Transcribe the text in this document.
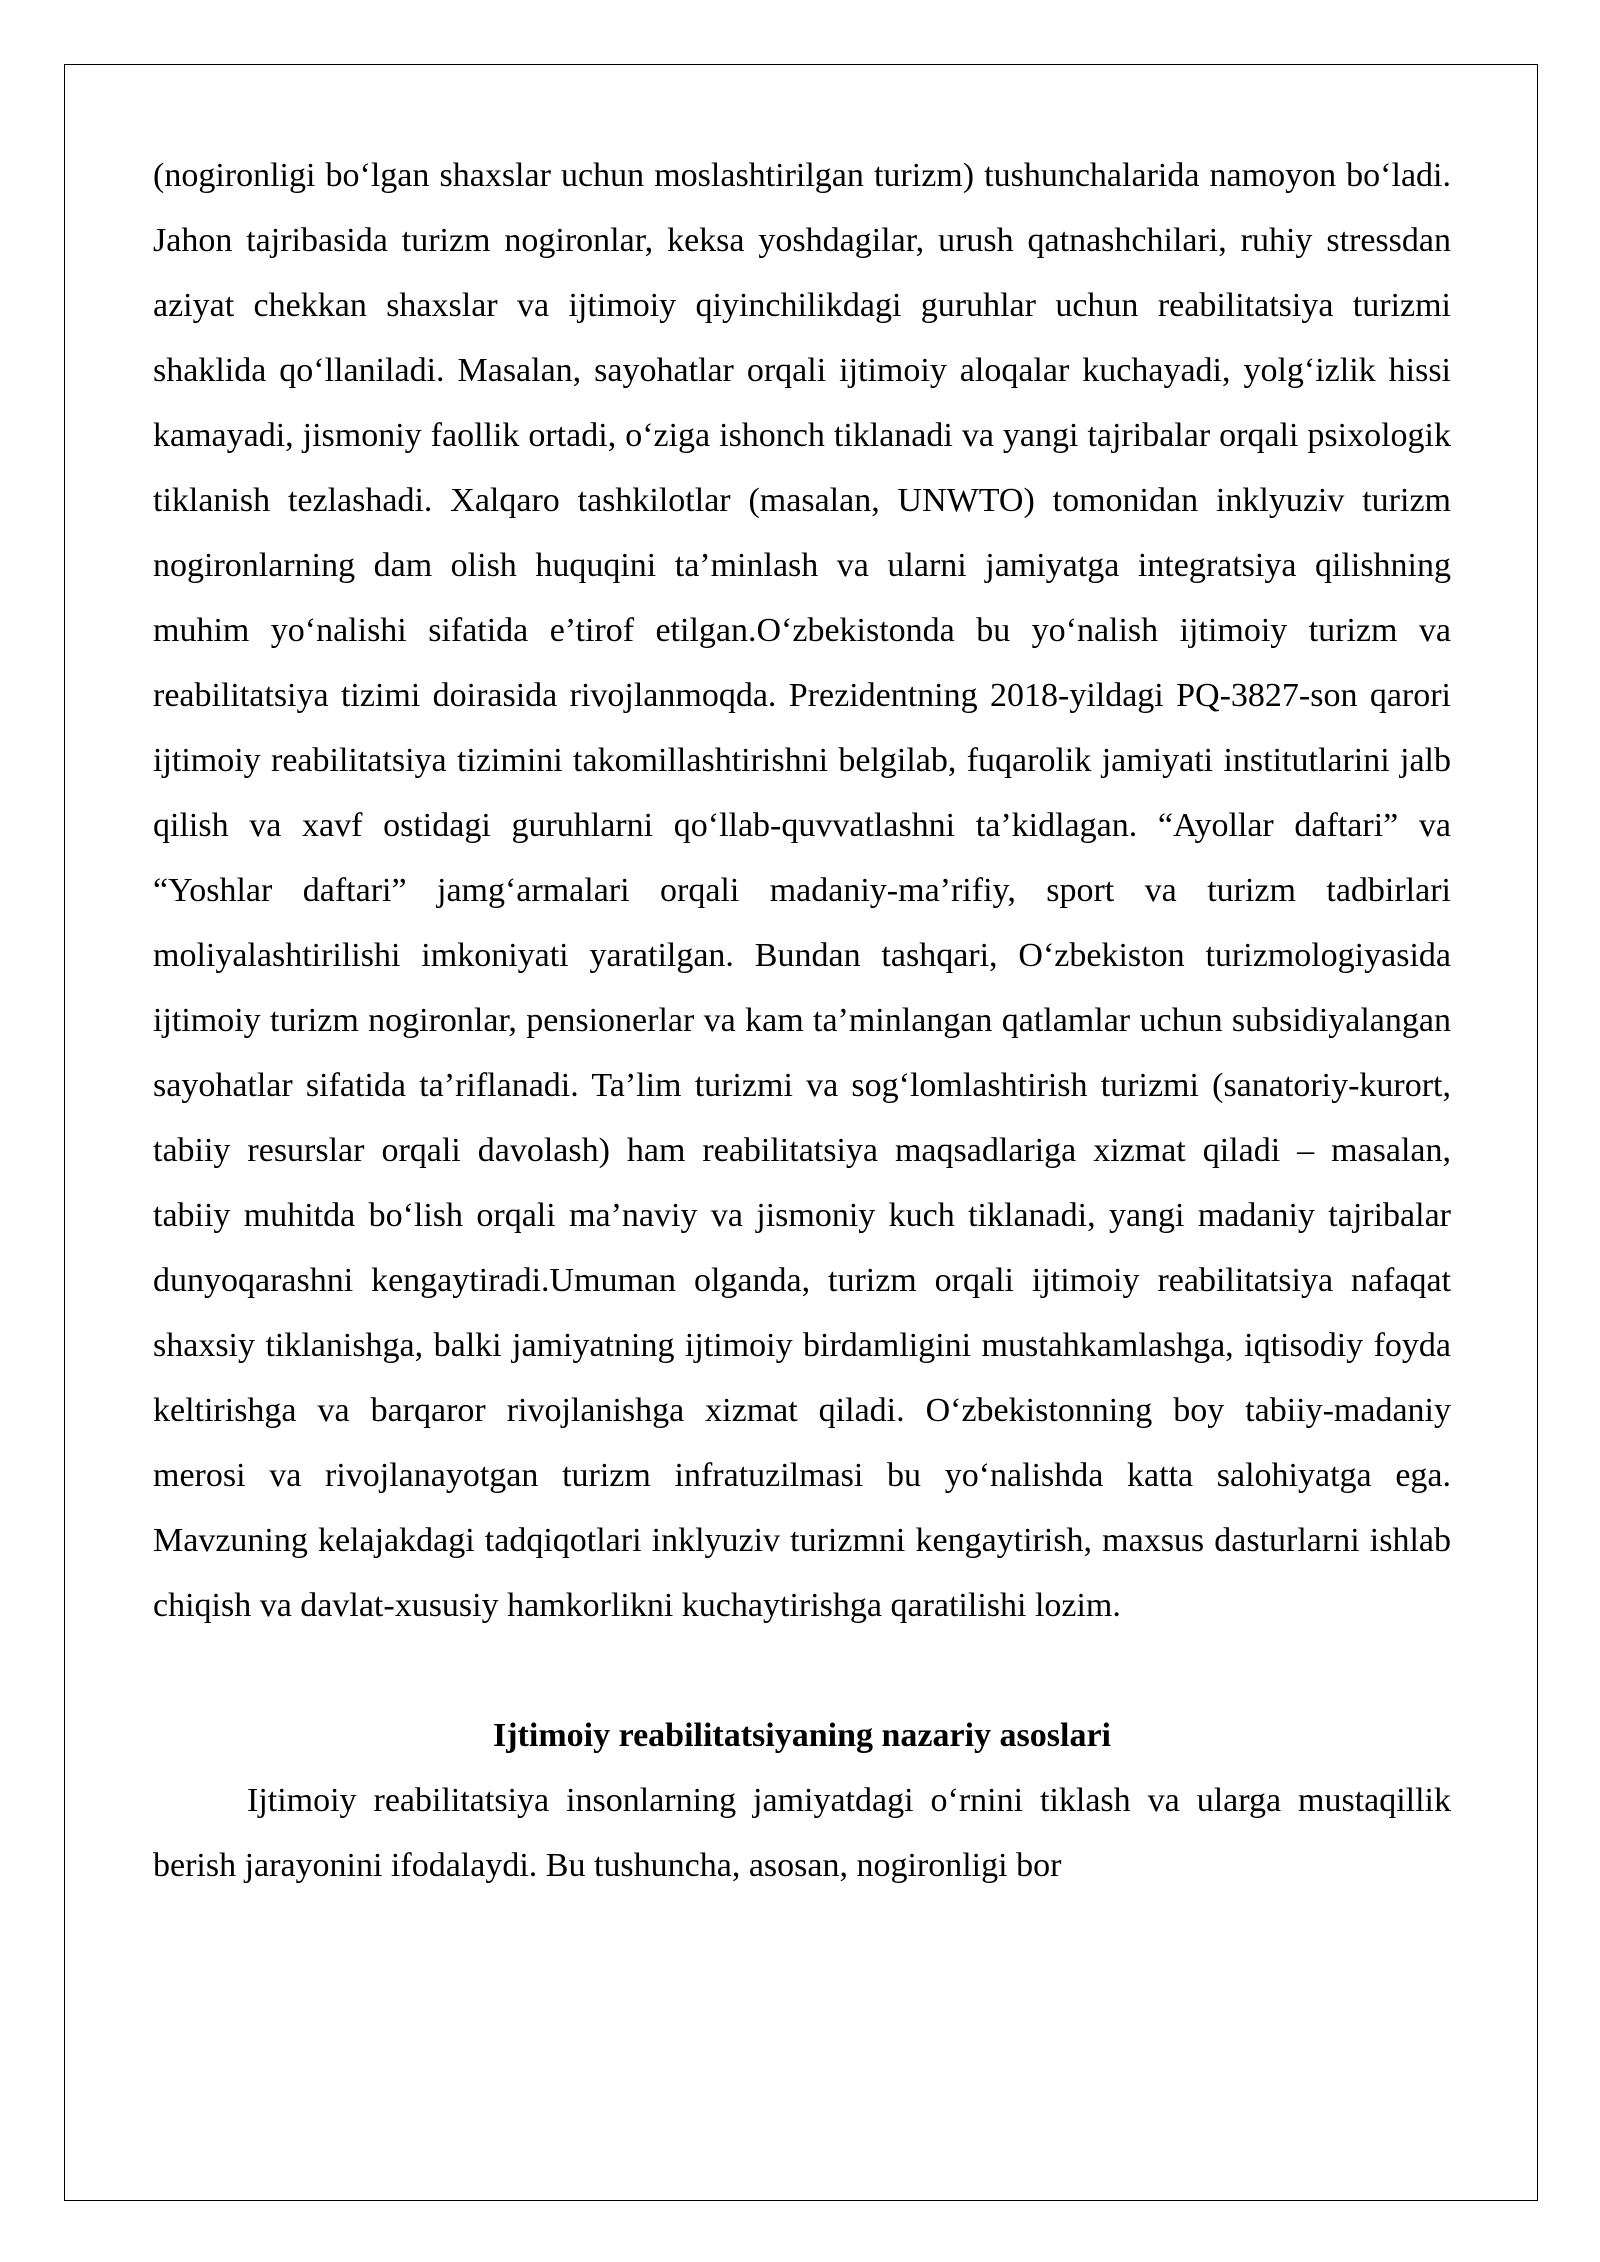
(nogironligi bo‘lgan shaxslar uchun moslashtirilgan turizm) tushunchalarida namoyon bo‘ladi. Jahon tajribasida turizm nogironlar, keksa yoshdagilar, urush qatnashchilari, ruhiy stressdan aziyat chekkan shaxslar va ijtimoiy qiyinchilikdagi guruhlar uchun reabilitatsiya turizmi shaklida qo‘llaniladi. Masalan, sayohatlar orqali ijtimoiy aloqalar kuchayadi, yolg‘izlik hissi kamayadi, jismoniy faollik ortadi, o‘ziga ishonch tiklanadi va yangi tajribalar orqali psixologik tiklanish tezlashadi. Xalqaro tashkilotlar (masalan, UNWTO) tomonidan inklyuziv turizm nogironlarning dam olish huquqini ta’minlash va ularni jamiyatga integratsiya qilishning muhim yo‘nalishi sifatida e’tirof etilgan.O‘zbekistonda bu yo‘nalish ijtimoiy turizm va reabilitatsiya tizimi doirasida rivojlanmoqda. Prezidentning 2018-yildagi PQ-3827-son qarori ijtimoiy reabilitatsiya tizimini takomillashtirishni belgilab, fuqarolik jamiyati institutlarini jalb qilish va xavf ostidagi guruhlarni qo‘llab-quvvatlashni ta’kidlagan. “Ayollar daftari” va “Yoshlar daftari” jamg‘armalari orqali madaniy-ma’rifiy, sport va turizm tadbirlari moliyalashtirilishi imkoniyati yaratilgan. Bundan tashqari, O‘zbekiston turizmologiyasida ijtimoiy turizm nogironlar, pensionerlar va kam ta’minlangan qatlamlar uchun subsidiyalangan sayohatlar sifatida ta’riflanadi. Ta’lim turizmi va sog‘lomlashtirish turizmi (sanatoriy-kurort, tabiiy resurslar orqali davolash) ham reabilitatsiya maqsadlariga xizmat qiladi – masalan, tabiiy muhitda bo‘lish orqali ma’naviy va jismoniy kuch tiklanadi, yangi madaniy tajribalar dunyoqarashni kengaytiradi.Umuman olganda, turizm orqali ijtimoiy reabilitatsiya nafaqat shaxsiy tiklanishga, balki jamiyatning ijtimoiy birdamligini mustahkamlashga, iqtisodiy foyda keltirishga va barqaror rivojlanishga xizmat qiladi. O‘zbekistonning boy tabiiy-madaniy merosi va rivojlanayotgan turizm infratuzilmasi bu yo‘nalishda katta salohiyatga ega. Mavzuning kelajakdagi tadqiqotlari inklyuziv turizmni kengaytirish, maxsus dasturlarni ishlab chiqish va davlat-xususiy hamkorlikni kuchaytirishga qaratilishi lozim.

Ijtimoiy reabilitatsiyaning nazariy asoslari

Ijtimoiy reabilitatsiya insonlarning jamiyatdagi o‘rnini tiklash va ularga mustaqillik berish jarayonini ifodalaydi. Bu tushuncha, asosan, nogironligi bor
